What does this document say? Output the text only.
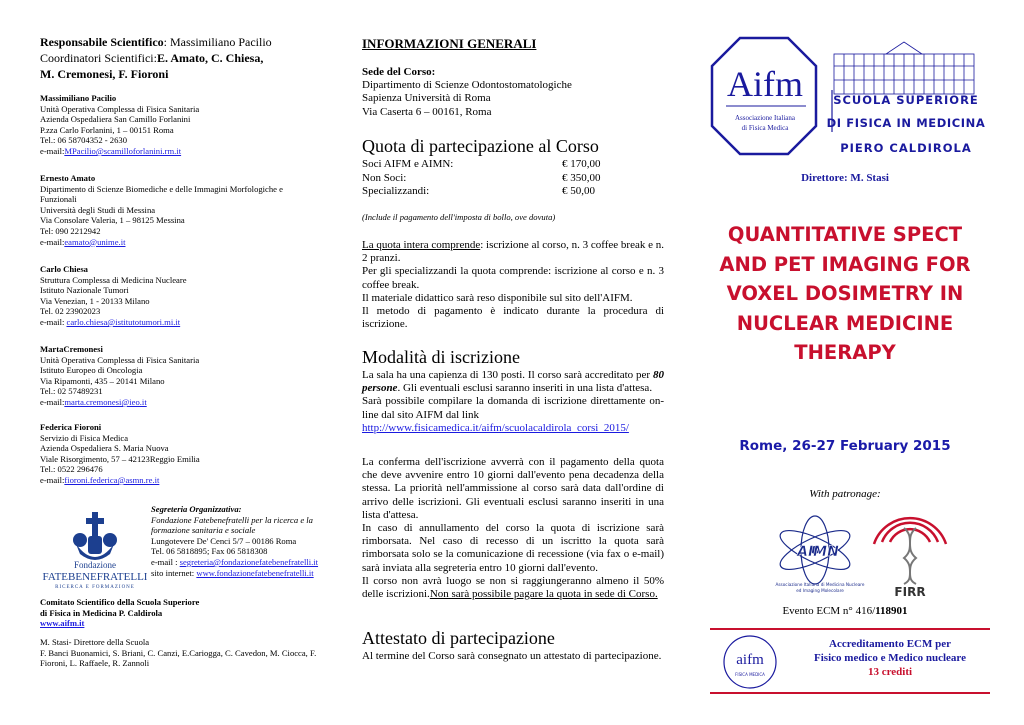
Responsabile Scientifico: Massimiliano Pacilio
Coordinatori Scientifici:E. Amato, C. Chiesa,
M. Cremonesi, F. Fioroni
Massimiliano Pacilio
Unità Operativa Complessa di Fisica Sanitaria
Azienda Ospedaliera San Camillo Forlanini
P.zza Carlo Forlanini, 1 – 00151 Roma
Tel.: 06 58704352 - 2630
e-mail:MPacilio@scamilloforlanini.rm.it
Ernesto Amato
Dipartimento di Scienze Biomediche e delle Immagini Morfologiche e
Funzionali
Università degli Studi di Messina
Via Consolare Valeria, 1 – 98125 Messina
Tel: 090 2212942
e-mail:eamato@unime.it
Carlo Chiesa
Struttura Complessa di Medicina Nucleare
Istituto Nazionale Tumori
Via Venezian, 1 - 20133 Milano
Tel. 02 23902023
e-mail: carlo.chiesa@istitutotumori.mi.it
MartaCremonesi
Unità Operativa Complessa di Fisica Sanitaria
Istituto Europeo di Oncologia
Via Ripamonti, 435 – 20141 Milano
Tel.: 02 57489231
e-mail:marta.cremonesi@ieo.it
Federica Fioroni
Servizio di Fisica Medica
Azienda Ospedaliera S. Maria Nuova
Viale Risorgimento, 57 – 42123Reggio Emilia
Tel.: 0522 296476
e-mail:fioroni.federica@asmn.re.it
Fondazione
FATEBENEFRATELLI
RICERCA E FORMAZIONE
Segreteria Organizzativa:
Fondazione Fatebenefratelli per la ricerca e la formazione sanitaria e sociale
Lungotevere De' Cenci 5/7 – 00186 Roma
Tel. 06 5818895; Fax 06 5818308
e-mail : segreteria@fondazionefatebenefratelli.it
sito internet: www.fondazionefatebenefratelli.it
Comitato Scientifico della Scuola Superiore
di Fisica in Medicina P. Caldirola
www.aifm.it
M. Stasi- Direttore della Scuola
F. Banci Buonamici, S. Briani, C. Canzi, E.Cariogga, C. Cavedon, M. Ciocca, F. Fioroni, L. Raffaele, R. Zannoli
INFORMAZIONI GENERALI
Sede del Corso:
Dipartimento di Scienze Odontostomatologiche
Sapienza Università di Roma
Via Caserta 6 – 00161, Roma
Quota di partecipazione al Corso
Soci AIFM e AIMN:	€ 170,00
Non Soci:	€ 350,00
Specializzandi:	€ 50,00
(Include il pagamento dell'imposta di bollo, ove dovuta)
La quota intera comprende: iscrizione al corso, n. 3 coffee break e n. 2 pranzi.
Per gli specializzandi la quota comprende: iscrizione al corso e n. 3 coffee break.
Il materiale didattico sarà reso disponibile sul sito dell'AIFM.
Il metodo di pagamento è indicato durante la procedura di iscrizione.
Modalità di iscrizione
La sala ha una capienza di 130 posti. Il corso sarà accreditato per 80 persone. Gli eventuali esclusi saranno inseriti in una lista d'attesa.
Sarà possibile compilare la domanda di iscrizione direttamente on-line dal sito AIFM dal link
http://www.fisicamedica.it/aifm/scuolacaldirola_corsi_2015/
La conferma dell'iscrizione avverrà con il pagamento della quota che deve avvenire entro 10 giorni dall'evento pena decadenza della stessa. La priorità nell'ammissione al corso sarà data dall'ordine di arrivo delle iscrizioni. Gli eventuali esclusi saranno inseriti in una lista d'attesa.
In caso di annullamento del corso la quota di iscrizione sarà rimborsata. Nel caso di recesso di un iscritto la quota sarà rimborsata solo se la comunicazione di recessione (via fax o e-mail) sarà inviata alla segreteria entro 10 giorni dall'evento.
Il corso non avrà luogo se non si raggiungeranno almeno il 50% delle iscrizioni.Non sarà possibile pagare la quota in sede di Corso.
Attestato di partecipazione
Al termine del Corso sarà consegnato un attestato di partecipazione.
Aifm
Associazione Italiana
di Fisica Medica
SCUOLA SUPERIORE
DI FISICA IN MEDICINA
PIERO CALDIROLA
Direttore: M. Stasi
QUANTITATIVE SPECT
AND PET IMAGING FOR
VOXEL DOSIMETRY IN
NUCLEAR MEDICINE
THERAPY
Rome, 26-27 February 2015
With patronage:
AIMN
Associazione Italiana di Medicina Nucleare
ed Imaging Molecolare	FIRR
Evento ECM n° 416/118901
aifm
FISICA MEDICA
Accreditamento ECM per
Fisico medico e Medico nucleare
13 crediti
